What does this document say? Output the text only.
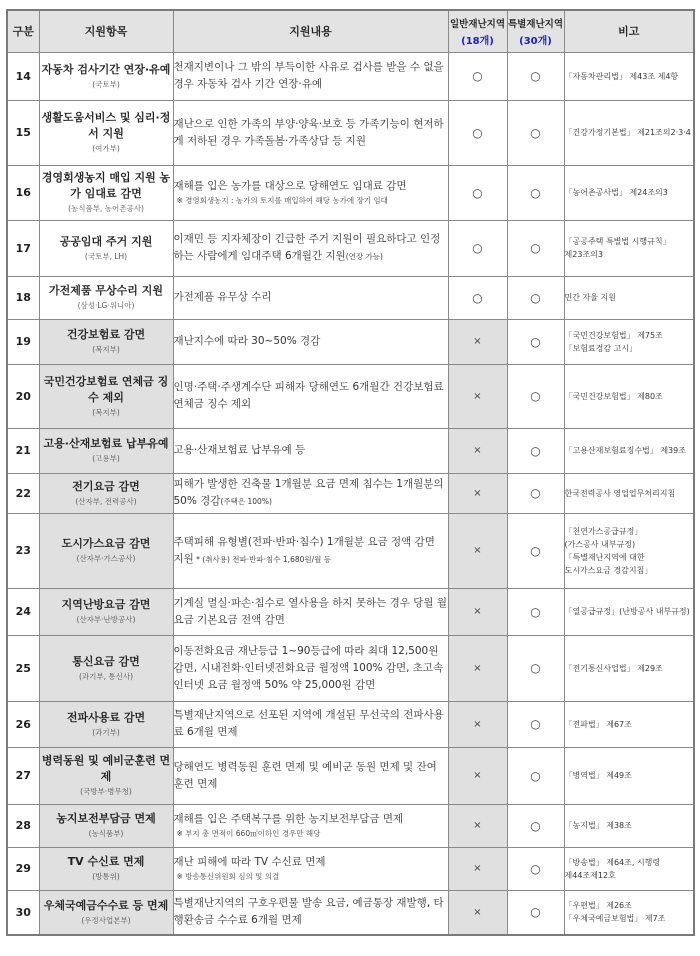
구분	지원항목	지원내용	일반재난지역
(18개)	특별재난지역
(30개)	비고
14	자동차 검사기간 연장·유예
(국토부)	천재지변이나 그 밖의 부득이한 사유로 검사를 받을 수 없을 경우 자동차 검사 기간 연장·유예	○	○	「자동차관리법」 제43조 제4항

15	생활도움서비스 및 심리·정서 지원
(여가부)	재난으로 인한 가족의 부양·양육·보호 등 가족기능이 현저하게 저하된 경우 가족돌봄·가족상담 등 지원	○	○	「건강가정기본법」 제21조의2·3·4

16	경영회생농지 매입 지원 농가 임대료 감면
(농식품부, 농어촌공사)	재해를 입은 농가를 대상으로 당해연도 임대료 감면
※ 경영회생농지 : 농가의 토지를 매입하여 해당 농가에 장기 임대	○	○	「농어촌공사법」 제24조의3

17	공공임대 주거 지원
(국토부, LH)	이재민 등 지자체장이 긴급한 주거 지원이 필요하다고 인정하는 사람에게 임대주택 6개월간 지원(연장 가능)	○	○	「공공주택 특별법 시행규칙」
제23조의3

18	가전제품 무상수리 지원
(삼성·LG·위니아)	가전제품 유무상 수리	○	○	민간 자율 지원

19	건강보험료 감면
(복지부)	재난지수에 따라 30~50% 경감	×	○	「국민건강보험법」 제75조
「보험료경감 고시」

20	국민건강보험료 연체금 징수 제외
(복지부)	인명·주택·주생계수단 피해자 당해연도 6개월간 건강보험료 연체금 징수 제외	×	○	「국민건강보험법」 제80조

21	고용·산재보험료 납부유예
(고용부)	고용·산재보험료 납부유예 등	×	○	「고용산재보험료징수법」 제39조

22	전기요금 감면
(산자부, 전력공사)	피해가 발생한 건축물 1개월분 요금 면제 침수는 1개월분의 50% 경감(주택은 100%)	×	○	한국전력공사 영업업무처리지침

23	도시가스요금 감면
(산자부·가스공사)	주택피해 유형별(전파·반파·침수) 1개월분 요금 정액 감면 지원 * (취사용) 전파·반파·침수 1,680원/월 등	×	○	「천연가스공급규정」
(가스공사 내부규정)
「특별재난지역에 대한
도시가스요금 경감지침」

24	지역난방요금 감면
(산자부·난방공사)	기계실 멸실·파손·침수로 열사용을 하지 못하는 경우 당월 월요금 기본요금 전액 감면	×	○	「열공급규정」(난방공사 내부규정)

25	통신요금 감면
(과기부, 통신사)	이동전화요금 재난등급 1~90등급에 따라 최대 12,500원 감면, 시내전화·인터넷전화요금 월정액 100% 감면, 초고속인터넷 요금 월정액 50% 약 25,000원 감면	×	○	「전기통신사업법」 제29조

26	전파사용료 감면
(과기부)	특별재난지역으로 선포된 지역에 개설된 무선국의 전파사용료 6개월 면제	×	○	「전파법」 제67조

27	병력동원 및 예비군훈련 면제
(국방부·병무청)	당해연도 병력동원 훈련 면제 및 예비군 동원 면제 및 잔여 훈련 면제	×	○	「병역법」 제49조

28	농지보전부담금 면제
(농식품부)	재해를 입은 주택복구를 위한 농지보전부담금 면제
※ 부지 총 면적이 660㎡이하인 경우만 해당	×	○	「농지법」 제38조

29	TV 수신료 면제
(방통위)	재난 피해에 따라 TV 수신료 면제
※ 방송통신위원회 심의 및 의결	×	○	「방송법」 제64조, 시행령
제44조제12호

30	우체국예금수수료 등 면제
(우정사업본부)	특별재난지역의 구호우편물 발송 요금, 예금통장 재발행, 타행환송금 수수료 6개월 면제	×	○	「우편법」 제26조
「우체국예금보험법」 제7조
